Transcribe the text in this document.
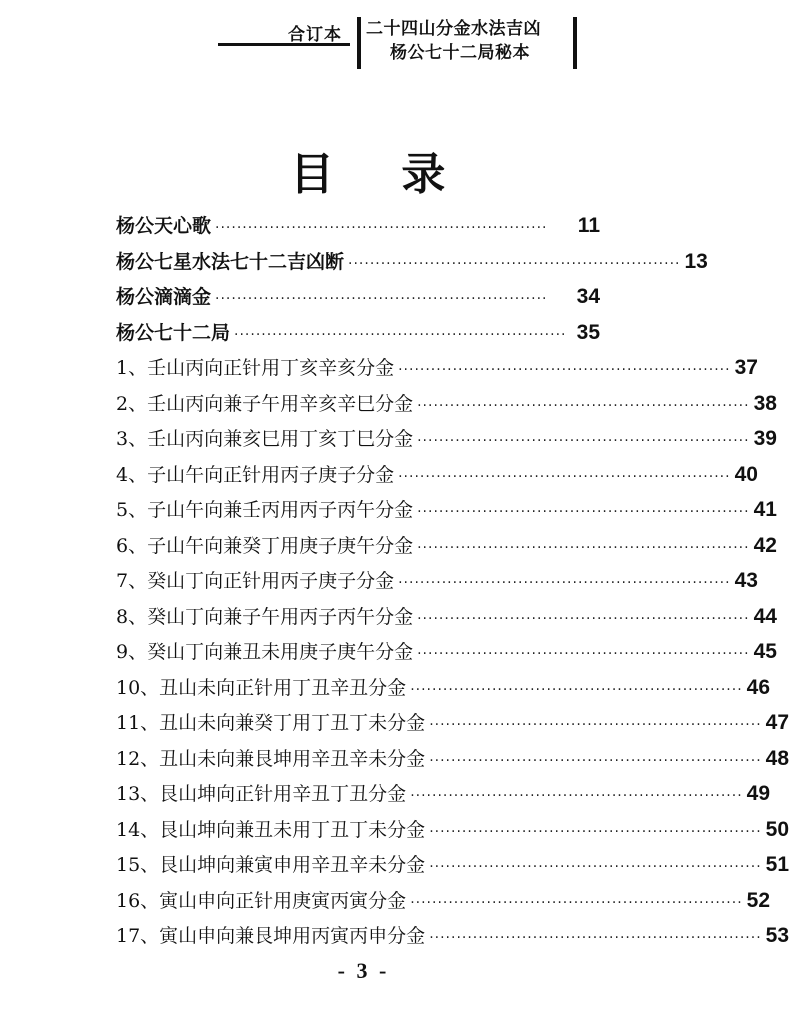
合订本 二十四山分金水法吉凶
杨公七十二局秘本
目 录
杨公天心歌 ·····························································	11
杨公七星水法七十二吉凶断 ····························································· 13
杨公滴滴金 ·····························································	34
杨公七十二局 ····························································· 35
1、壬山丙向正针用丁亥辛亥分金 ····························································· 37
2、壬山丙向兼子午用辛亥辛巳分金 ····························································· 38
3、壬山丙向兼亥巳用丁亥丁巳分金 ····························································· 39
4、子山午向正针用丙子庚子分金 ····························································· 40
5、子山午向兼壬丙用丙子丙午分金 ····························································· 41
6、子山午向兼癸丁用庚子庚午分金 ····························································· 42
7、癸山丁向正针用丙子庚子分金 ····························································· 43
8、癸山丁向兼子午用丙子丙午分金 ····························································· 44
9、癸山丁向兼丑未用庚子庚午分金 ····························································· 45
10、丑山未向正针用丁丑辛丑分金 ····························································· 46
11、丑山未向兼癸丁用丁丑丁未分金 ····························································· 47
12、丑山未向兼艮坤用辛丑辛未分金 ····························································· 48
13、艮山坤向正针用辛丑丁丑分金 ····························································· 49
14、艮山坤向兼丑未用丁丑丁未分金 ····························································· 50
15、艮山坤向兼寅申用辛丑辛未分金 ····························································· 51
16、寅山申向正针用庚寅丙寅分金 ····························································· 52
17、寅山申向兼艮坤用丙寅丙申分金 ····························································· 53
- 3 -
